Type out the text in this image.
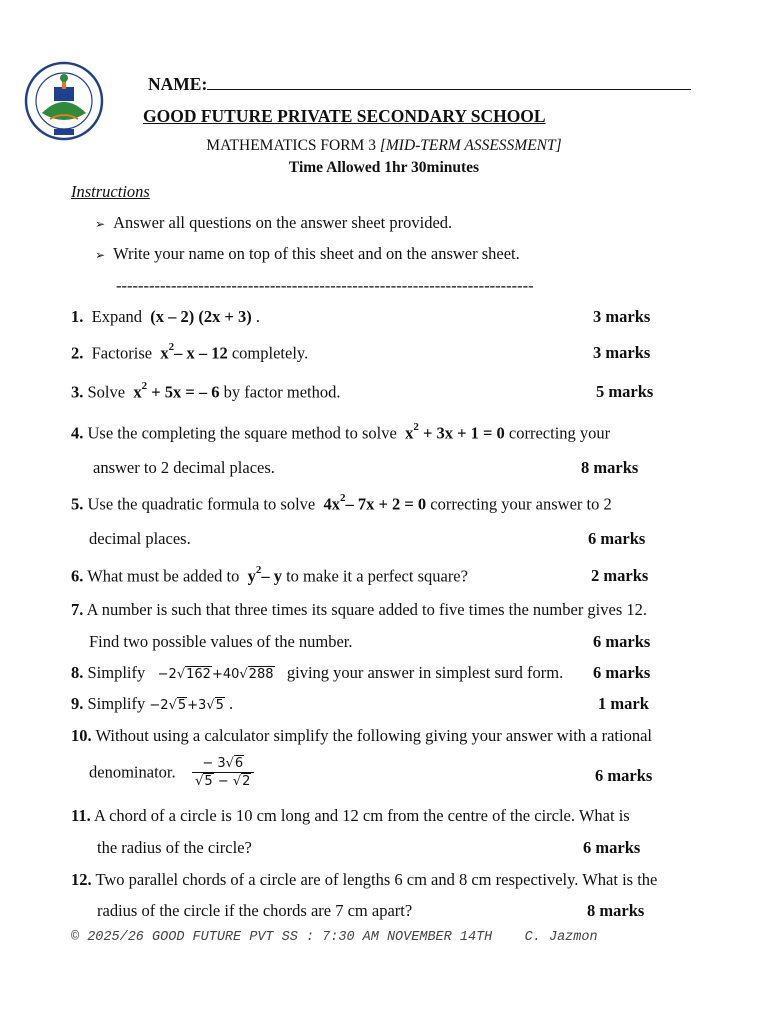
NAME:
GOOD FUTURE PRIVATE SECONDARY SCHOOL
MATHEMATICS FORM 3 [MID-TERM ASSESSMENT]
Time Allowed 1hr 30minutes
Instructions
➢ Answer all questions on the answer sheet provided.
➢ Write your name on top of this sheet and on the answer sheet.
----------------------------------------------------------------------------
1. Expand (x – 2) (2x + 3) .	3 marks
2. Factorise $x^2-$ x – 12 completely.	3 marks
3. Solve $x^2 + 5x$ = – 6 by factor method.	5 marks
4. Use the completing the square method to solve $x^2 + 3x + 1 = 0$ correcting your
answer to 2 decimal places.	8 marks
5. Use the quadratic formula to solve $4x^2-$ 7x + 2 = 0 correcting your answer to 2
decimal places.	6 marks
6. What must be added to $y^2-$ y to make it a perfect square?	2 marks
7. A number is such that three times its square added to five times the number gives 12.
Find two possible values of the number.	6 marks
8. Simplify −2√162+40√288 giving your answer in simplest surd form. 6 marks
9. Simplify −2√5+3√5 .	1 mark
10. Without using a calculator simplify the following giving your answer with a rational
denominator. $\frac{- 3√6}{√5 - √2}$	6 marks
11. A chord of a circle is 10 cm long and 12 cm from the centre of the circle. What is
the radius of the circle?	6 marks
12. Two parallel chords of a circle are of lengths 6 cm and 8 cm respectively. What is the
radius of the circle if the chords are 7 cm apart?	8 marks
© 2025/26 GOOD FUTURE PVT SS : 7:30 AM NOVEMBER 14TH    C. Jazmon
